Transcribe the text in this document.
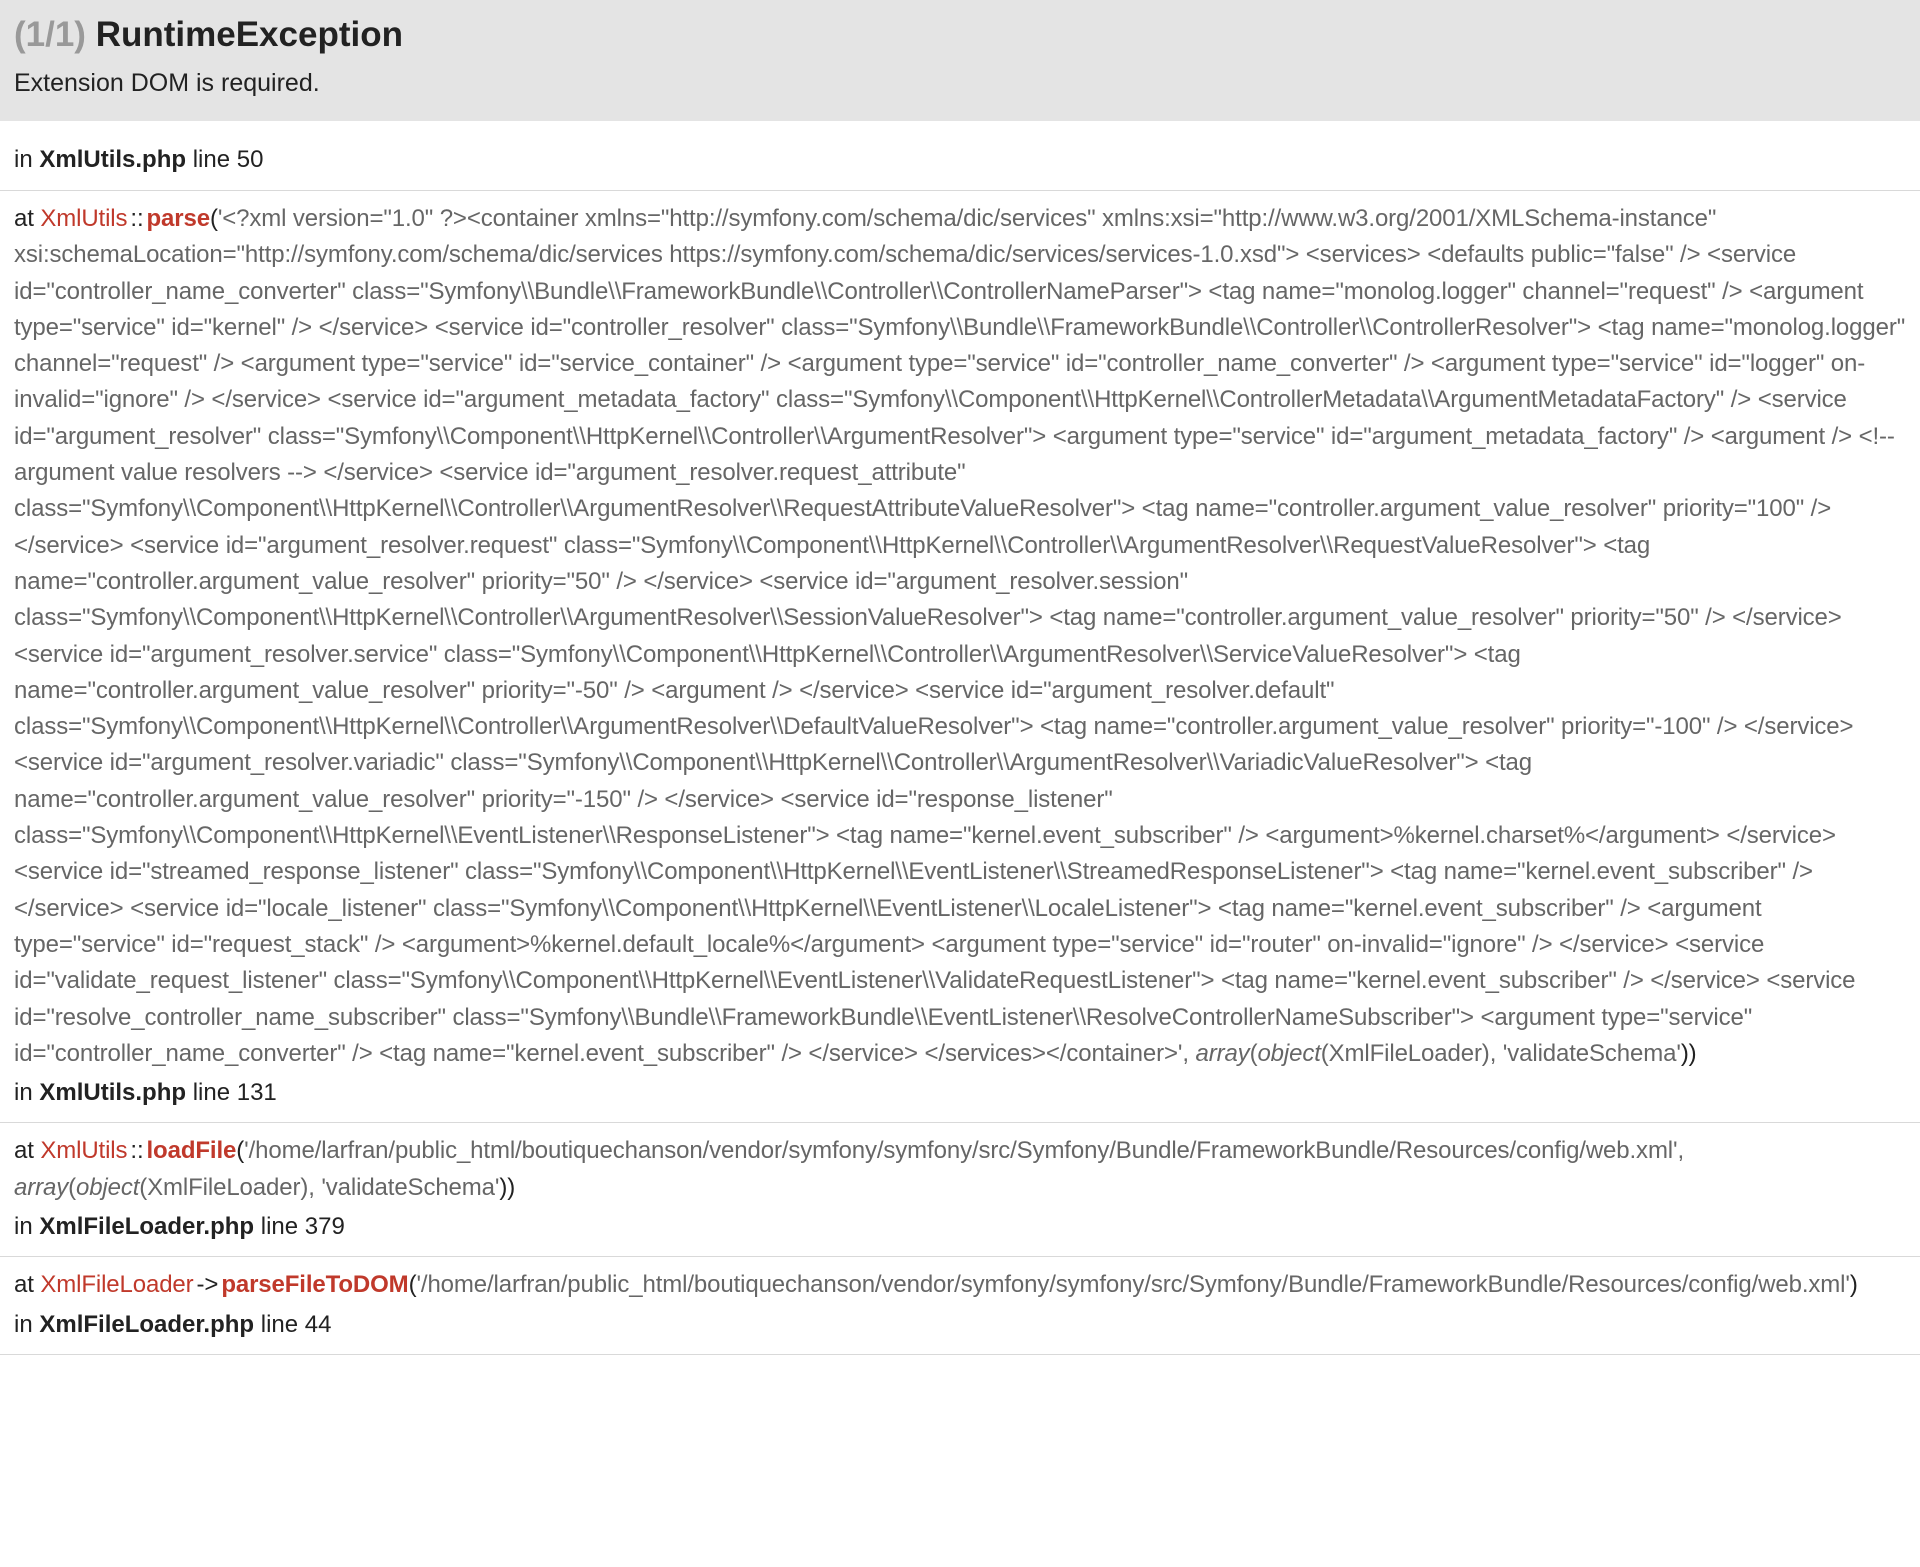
(1/1) RuntimeException
Extension DOM is required.
in XmlUtils.php line 50
at XmlUtils :: parse('<?xml version="1.0" ?><container xmlns="http://symfony.com/schema/dic/services" xmlns:xsi="http://www.w3.org/2001/XMLSchema-instance" xsi:schemaLocation="http://symfony.com/schema/dic/services https://symfony.com/schema/dic/services/services-1.0.xsd"> <services> <defaults public="false" /> <service id="controller_name_converter" class="Symfony\\Bundle\\FrameworkBundle\\Controller\\ControllerNameParser"> <tag name="monolog.logger" channel="request" /> <argument type="service" id="kernel" /> </service> <service id="controller_resolver" class="Symfony\\Bundle\\FrameworkBundle\\Controller\\ControllerResolver"> <tag name="monolog.logger" channel="request" /> <argument type="service" id="service_container" /> <argument type="service" id="controller_name_converter" /> <argument type="service" id="logger" on-invalid="ignore" /> </service> <service id="argument_metadata_factory" class="Symfony\\Component\\HttpKernel\\ControllerMetadata\\ArgumentMetadataFactory" /> <service id="argument_resolver" class="Symfony\\Component\\HttpKernel\\Controller\\ArgumentResolver"> <argument type="service" id="argument_metadata_factory" /> <argument /> <!-- argument value resolvers --> </service> <service id="argument_resolver.request_attribute" class="Symfony\\Component\\HttpKernel\\Controller\\ArgumentResolver\\RequestAttributeValueResolver"> <tag name="controller.argument_value_resolver" priority="100" /> </service> <service id="argument_resolver.request" class="Symfony\\Component\\HttpKernel\\Controller\\ArgumentResolver\\RequestValueResolver"> <tag name="controller.argument_value_resolver" priority="50" /> </service> <service id="argument_resolver.session" class="Symfony\\Component\\HttpKernel\\Controller\\ArgumentResolver\\SessionValueResolver"> <tag name="controller.argument_value_resolver" priority="50" /> </service> <service id="argument_resolver.service" class="Symfony\\Component\\HttpKernel\\Controller\\ArgumentResolver\\ServiceValueResolver"> <tag name="controller.argument_value_resolver" priority="-50" /> <argument /> </service> <service id="argument_resolver.default" class="Symfony\\Component\\HttpKernel\\Controller\\ArgumentResolver\\DefaultValueResolver"> <tag name="controller.argument_value_resolver" priority="-100" /> </service> <service id="argument_resolver.variadic" class="Symfony\\Component\\HttpKernel\\Controller\\ArgumentResolver\\VariadicValueResolver"> <tag name="controller.argument_value_resolver" priority="-150" /> </service> <service id="response_listener" class="Symfony\\Component\\HttpKernel\\EventListener\\ResponseListener"> <tag name="kernel.event_subscriber" /> <argument>%kernel.charset%</argument> </service> <service id="streamed_response_listener" class="Symfony\\Component\\HttpKernel\\EventListener\\StreamedResponseListener"> <tag name="kernel.event_subscriber" /> </service> <service id="locale_listener" class="Symfony\\Component\\HttpKernel\\EventListener\\LocaleListener"> <tag name="kernel.event_subscriber" /> <argument type="service" id="request_stack" /> <argument>%kernel.default_locale%</argument> <argument type="service" id="router" on-invalid="ignore" /> </service> <service id="validate_request_listener" class="Symfony\\Component\\HttpKernel\\EventListener\\ValidateRequestListener"> <tag name="kernel.event_subscriber" /> </service> <service id="resolve_controller_name_subscriber" class="Symfony\\Bundle\\FrameworkBundle\\EventListener\\ResolveControllerNameSubscriber"> <argument type="service" id="controller_name_converter" /> <tag name="kernel.event_subscriber" /> </service> </services></container>', array(object(XmlFileLoader), 'validateSchema'))
in XmlUtils.php line 131
at XmlUtils :: loadFile('/home/larfran/public_html/boutiquechanson/vendor/symfony/symfony/src/Symfony/Bundle/FrameworkBundle/Resources/config/web.xml', array(object(XmlFileLoader), 'validateSchema'))
in XmlFileLoader.php line 379
at XmlFileLoader -> parseFileToDOM('/home/larfran/public_html/boutiquechanson/vendor/symfony/symfony/src/Symfony/Bundle/FrameworkBundle/Resources/config/web.xml')
in XmlFileLoader.php line 44
